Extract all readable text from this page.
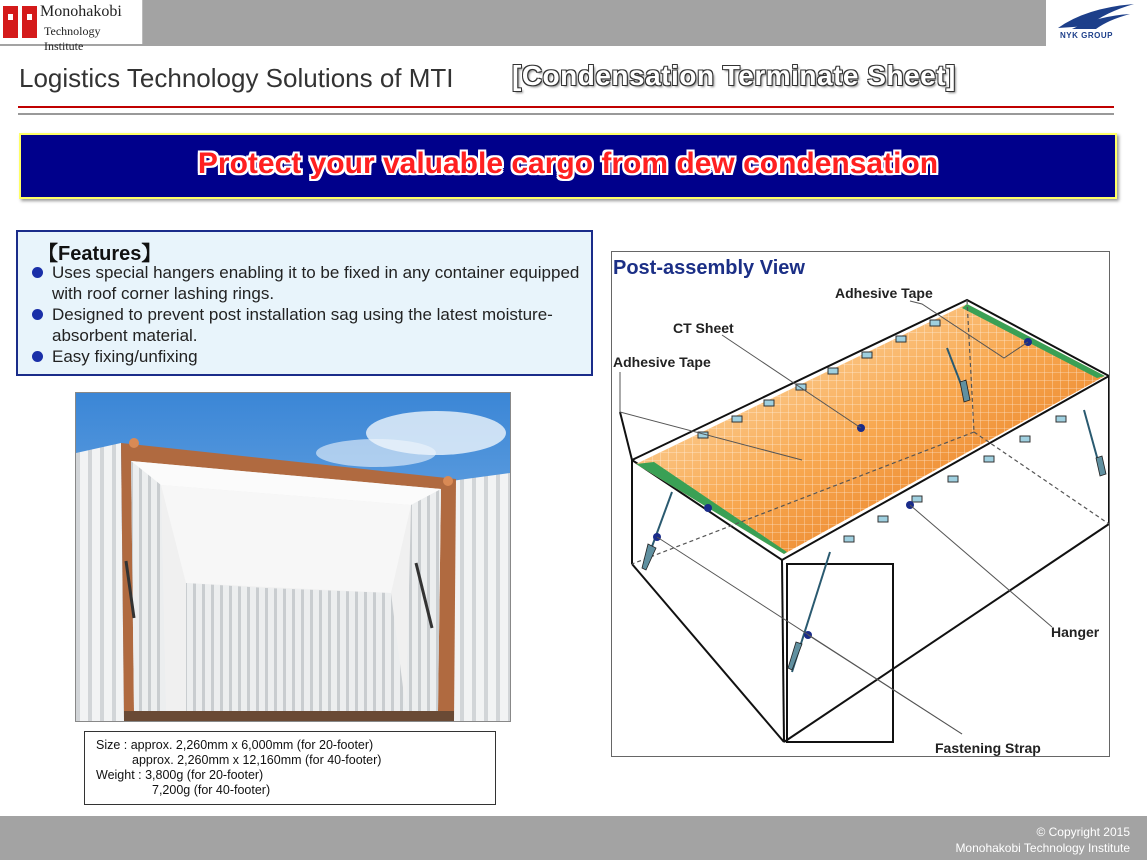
Monohakobi
Technology Institute
NYK GROUP
Logistics Technology Solutions of MTI [Condensation Terminate Sheet]
Protect your valuable cargo from dew condensation
【Features】
Uses special hangers enabling it to be fixed in any container equipped with roof corner lashing rings.
Designed to prevent post installation sag using the latest moisture-absorbent material.
Easy fixing/unfixing
Size : approx. 2,260mm x 6,000mm (for 20-footer)
approx. 2,260mm x 12,160mm (for 40-footer)
Weight : 3,800g (for 20-footer)
7,200g (for 40-footer)
Post-assembly View
Adhesive Tape
CT Sheet
Adhesive Tape
Hanger
Fastening Strap
© Copyright 2015
Monohakobi Technology Institute
